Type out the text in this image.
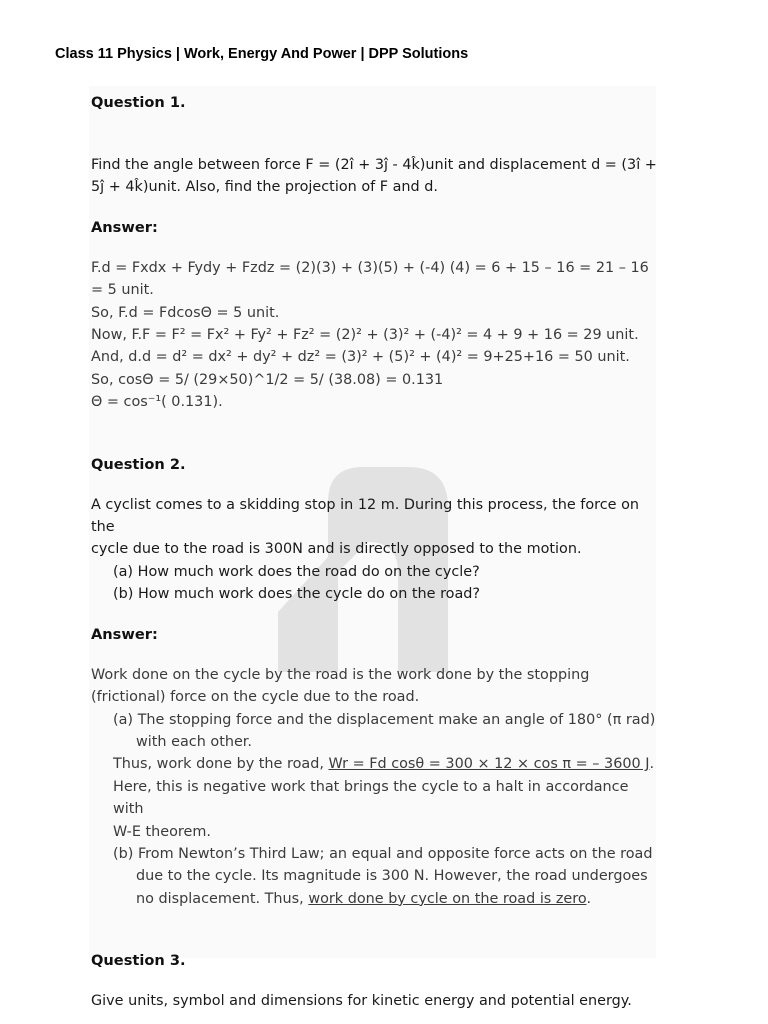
Class 11 Physics | Work, Energy And Power | DPP Solutions

Question 1.

Find the angle between force F = (2î + 3ĵ - 4k̂)unit and displacement d = (3î +

5ĵ + 4k̂)unit. Also, find the projection of F and d.

Answer:

F.d = Fxdx + Fydy + Fzdz = (2)(3) + (3)(5) + (-4) (4) = 6 + 15 – 16 = 21 – 16 = 5 unit.

So, F.d = FdcosΘ = 5 unit.

Now, F.F = F² = Fx² + Fy² + Fz² = (2)² + (3)² + (-4)² = 4 + 9 + 16 = 29 unit.

And, d.d = d² = dx² + dy² + dz² = (3)² + (5)² + (4)² = 9+25+16 = 50 unit.

So, cosΘ = 5/ (29×50)^1/2 = 5/ (38.08) = 0.131

Θ = cos⁻¹( 0.131).

Question 2.

A cyclist comes to a skidding stop in 12 m. During this process, the force on the

cycle due to the road is 300N and is directly opposed to the motion.

(a) How much work does the road do on the cycle?

(b) How much work does the cycle do on the road?

Answer:

Work done on the cycle by the road is the work done by the stopping

(frictional) force on the cycle due to the road.

(a) The stopping force and the displacement make an angle of 180° (π rad)

with each other.

Thus, work done by the road, Wr = Fd cosθ = 300 × 12 × cos π = – 3600 J.

Here, this is negative work that brings the cycle to a halt in accordance with

W-E theorem.

(b) From Newton’s Third Law; an equal and opposite force acts on the road

due to the cycle. Its magnitude is 300 N. However, the road undergoes

no displacement. Thus, work done by cycle on the road is zero.

Question 3.

Give units, symbol and dimensions for kinetic energy and potential energy.
